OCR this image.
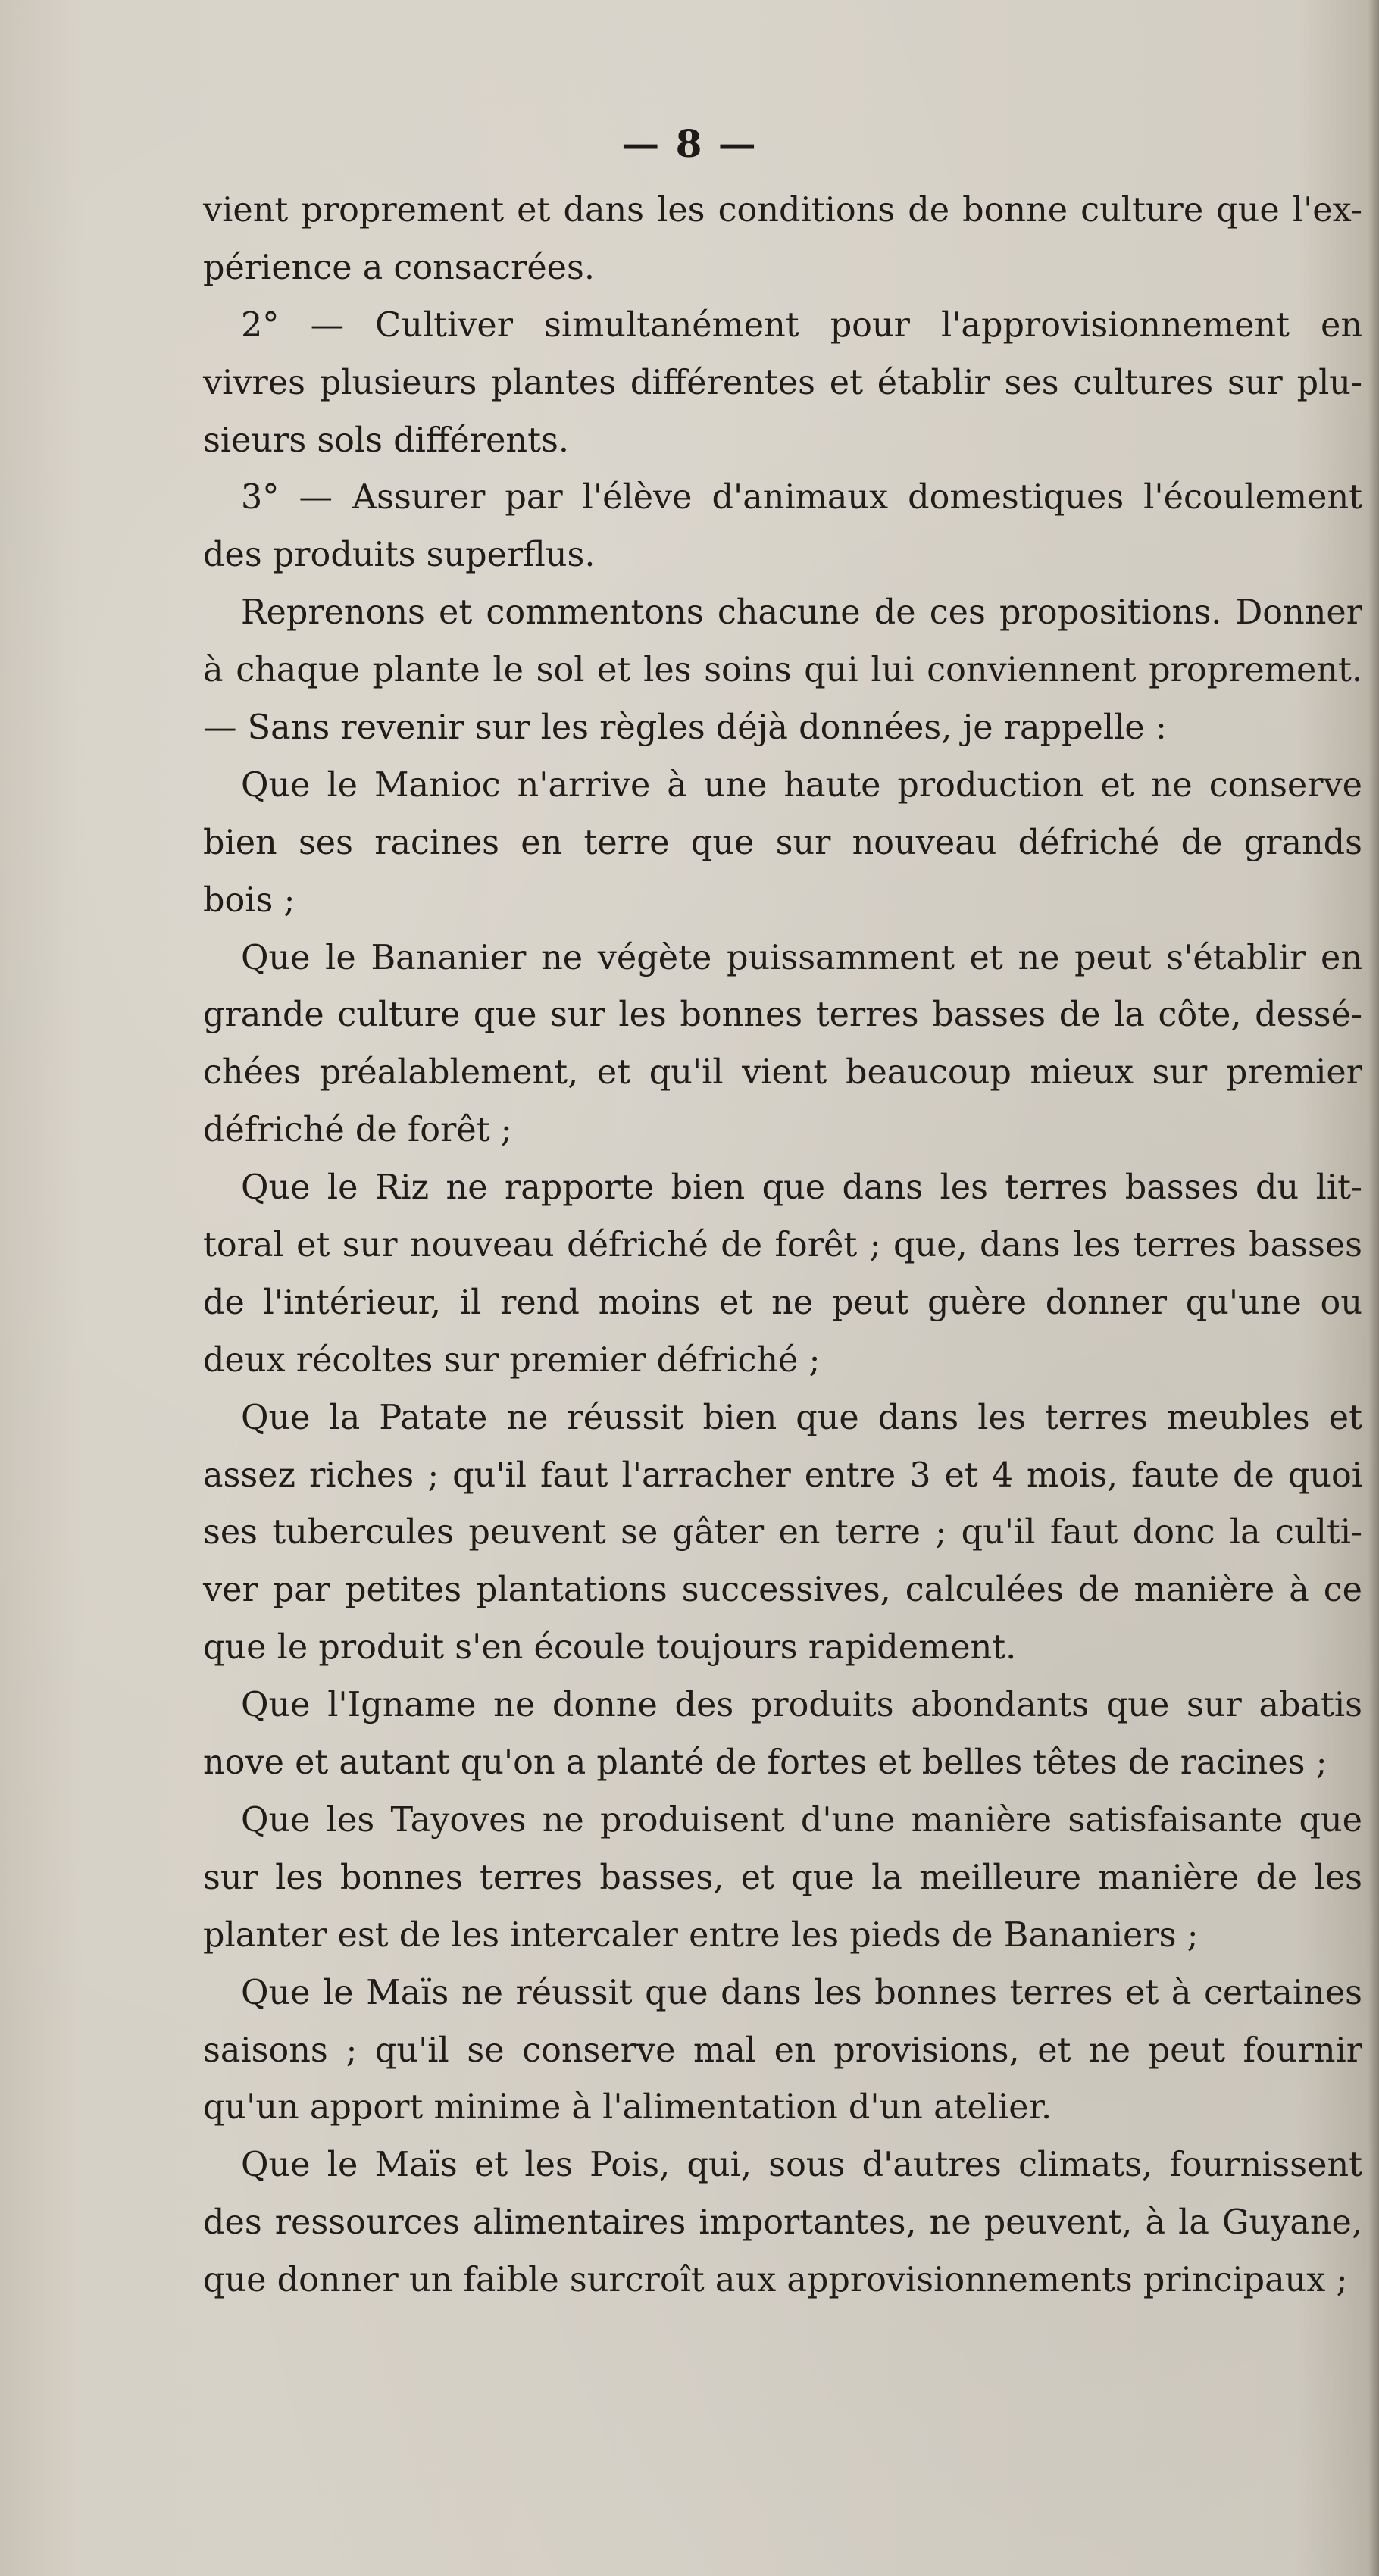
— 8 —
vient proprement et dans les conditions de bonne culture que l'ex-
périence a consacrées.
2° — Cultiver simultanément pour l'approvisionnement en
vivres plusieurs plantes différentes et établir ses cultures sur plu-
sieurs sols différents.
3° — Assurer par l'élève d'animaux domestiques l'écoulement
des produits superflus.
Reprenons et commentons chacune de ces propositions. Donner
à chaque plante le sol et les soins qui lui conviennent proprement.
— Sans revenir sur les règles déjà données, je rappelle :
Que le Manioc n'arrive à une haute production et ne conserve
bien ses racines en terre que sur nouveau défriché de grands
bois ;
Que le Bananier ne végète puissamment et ne peut s'établir en
grande culture que sur les bonnes terres basses de la côte, dessé-
chées préalablement, et qu'il vient beaucoup mieux sur premier
défriché de forêt ;
Que le Riz ne rapporte bien que dans les terres basses du lit-
toral et sur nouveau défriché de forêt ; que, dans les terres basses
de l'intérieur, il rend moins et ne peut guère donner qu'une ou
deux récoltes sur premier défriché ;
Que la Patate ne réussit bien que dans les terres meubles et
assez riches ; qu'il faut l'arracher entre 3 et 4 mois, faute de quoi
ses tubercules peuvent se gâter en terre ; qu'il faut donc la culti-
ver par petites plantations successives, calculées de manière à ce
que le produit s'en écoule toujours rapidement.
Que l'Igname ne donne des produits abondants que sur abatis
nove et autant qu'on a planté de fortes et belles têtes de racines ;
Que les Tayoves ne produisent d'une manière satisfaisante que
sur les bonnes terres basses, et que la meilleure manière de les
planter est de les intercaler entre les pieds de Bananiers ;
Que le Maïs ne réussit que dans les bonnes terres et à certaines
saisons ; qu'il se conserve mal en provisions, et ne peut fournir
qu'un apport minime à l'alimentation d'un atelier.
Que le Maïs et les Pois, qui, sous d'autres climats, fournissent
des ressources alimentaires importantes, ne peuvent, à la Guyane,
que donner un faible surcroît aux approvisionnements principaux ;
